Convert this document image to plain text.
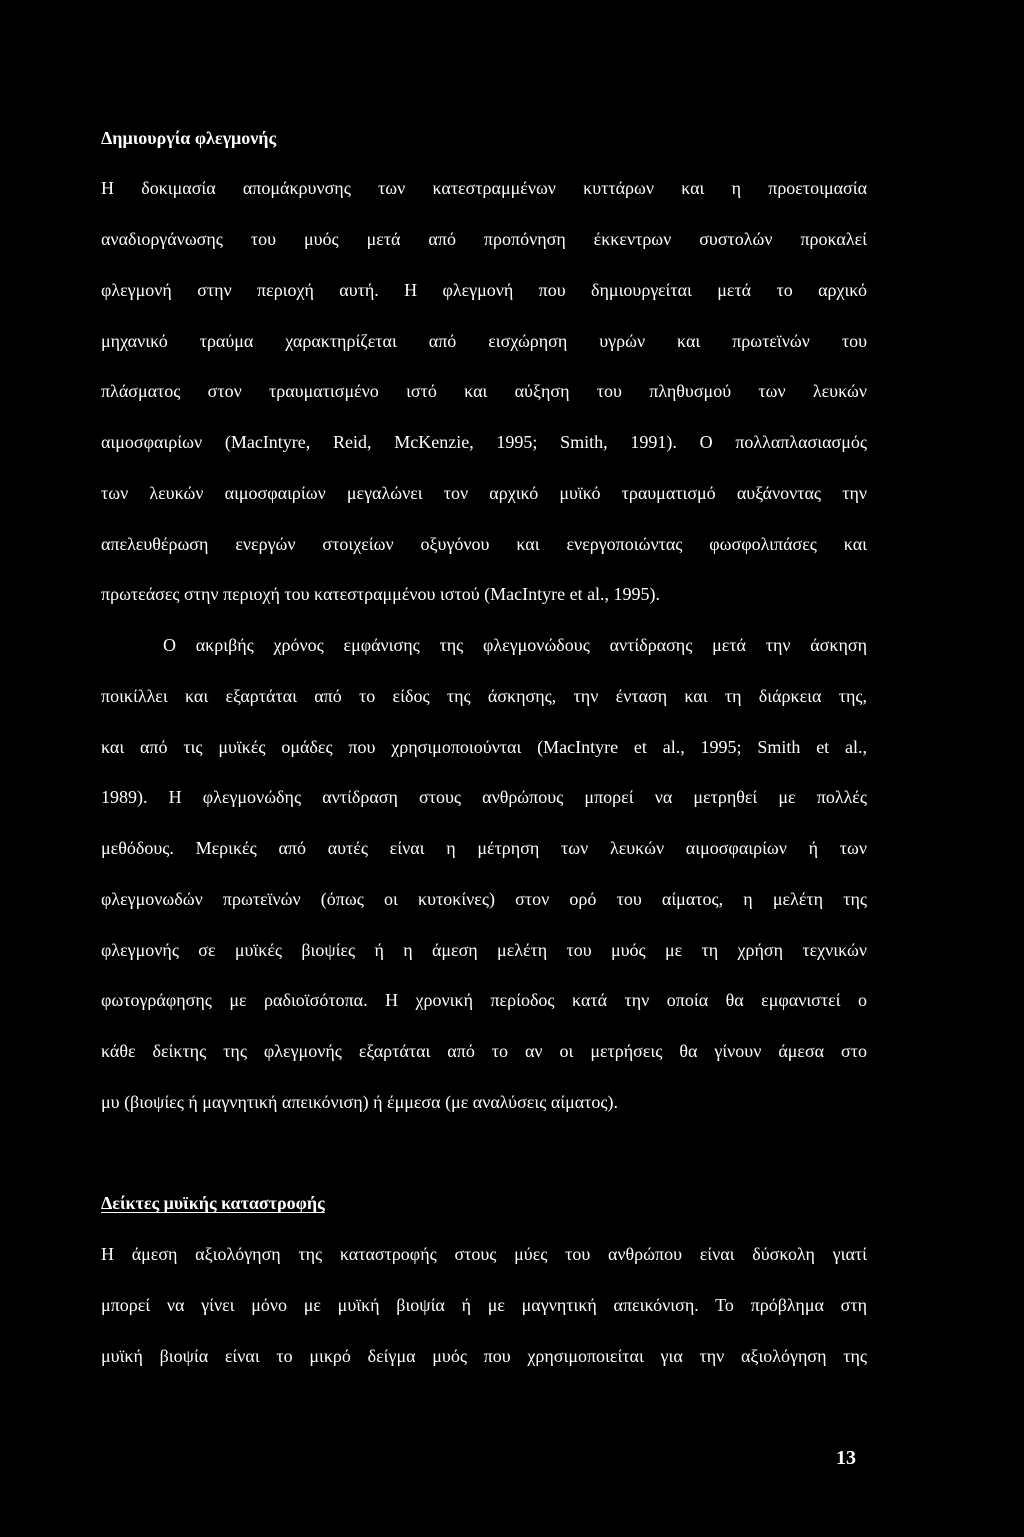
Δημιουργία φλεγμονής
Η δοκιμασία απομάκρυνσης των κατεστραμμένων κυττάρων και η προετοιμασία
αναδιοργάνωσης του μυός μετά από προπόνηση έκκεντρων συστολών προκαλεί
φλεγμονή στην περιοχή αυτή. Η φλεγμονή που δημιουργείται μετά το αρχικό
μηχανικό τραύμα χαρακτηρίζεται από εισχώρηση υγρών και πρωτεϊνών του
πλάσματος στον τραυματισμένο ιστό και αύξηση του πληθυσμού των λευκών
αιμοσφαιρίων (MacIntyre, Reid, McKenzie, 1995; Smith, 1991). Ο πολλαπλασιασμός
των λευκών αιμοσφαιρίων μεγαλώνει τον αρχικό μυϊκό τραυματισμό αυξάνοντας την
απελευθέρωση ενεργών στοιχείων οξυγόνου και ενεργοποιώντας φωσφολιπάσες και
πρωτεάσες στην περιοχή του κατεστραμμένου ιστού (MacIntyre et al., 1995).
Ο ακριβής χρόνος εμφάνισης της φλεγμονώδους αντίδρασης μετά την άσκηση
ποικίλλει και εξαρτάται από το είδος της άσκησης, την ένταση και τη διάρκεια της,
και από τις μυϊκές ομάδες που χρησιμοποιούνται (MacIntyre et al., 1995; Smith et al.,
1989). Η φλεγμονώδης αντίδραση στους ανθρώπους μπορεί να μετρηθεί με πολλές
μεθόδους. Μερικές από αυτές είναι η μέτρηση των λευκών αιμοσφαιρίων ή των
φλεγμονωδών πρωτεϊνών (όπως οι κυτοκίνες) στον ορό του αίματος, η μελέτη της
φλεγμονής σε μυϊκές βιοψίες ή η άμεση μελέτη του μυός με τη χρήση τεχνικών
φωτογράφησης με ραδιοϊσότοπα. Η χρονική περίοδος κατά την οποία θα εμφανιστεί ο
κάθε δείκτης της φλεγμονής εξαρτάται από το αν οι μετρήσεις θα γίνουν άμεσα στο
μυ (βιοψίες ή μαγνητική απεικόνιση) ή έμμεσα (με αναλύσεις αίματος).
Δείκτες μυϊκής καταστροφής
Η άμεση αξιολόγηση της καταστροφής στους μύες του ανθρώπου είναι δύσκολη γιατί
μπορεί να γίνει μόνο με μυϊκή βιοψία ή με μαγνητική απεικόνιση. Το πρόβλημα στη
μυϊκή βιοψία είναι το μικρό δείγμα μυός που χρησιμοποιείται για την αξιολόγηση της
13
